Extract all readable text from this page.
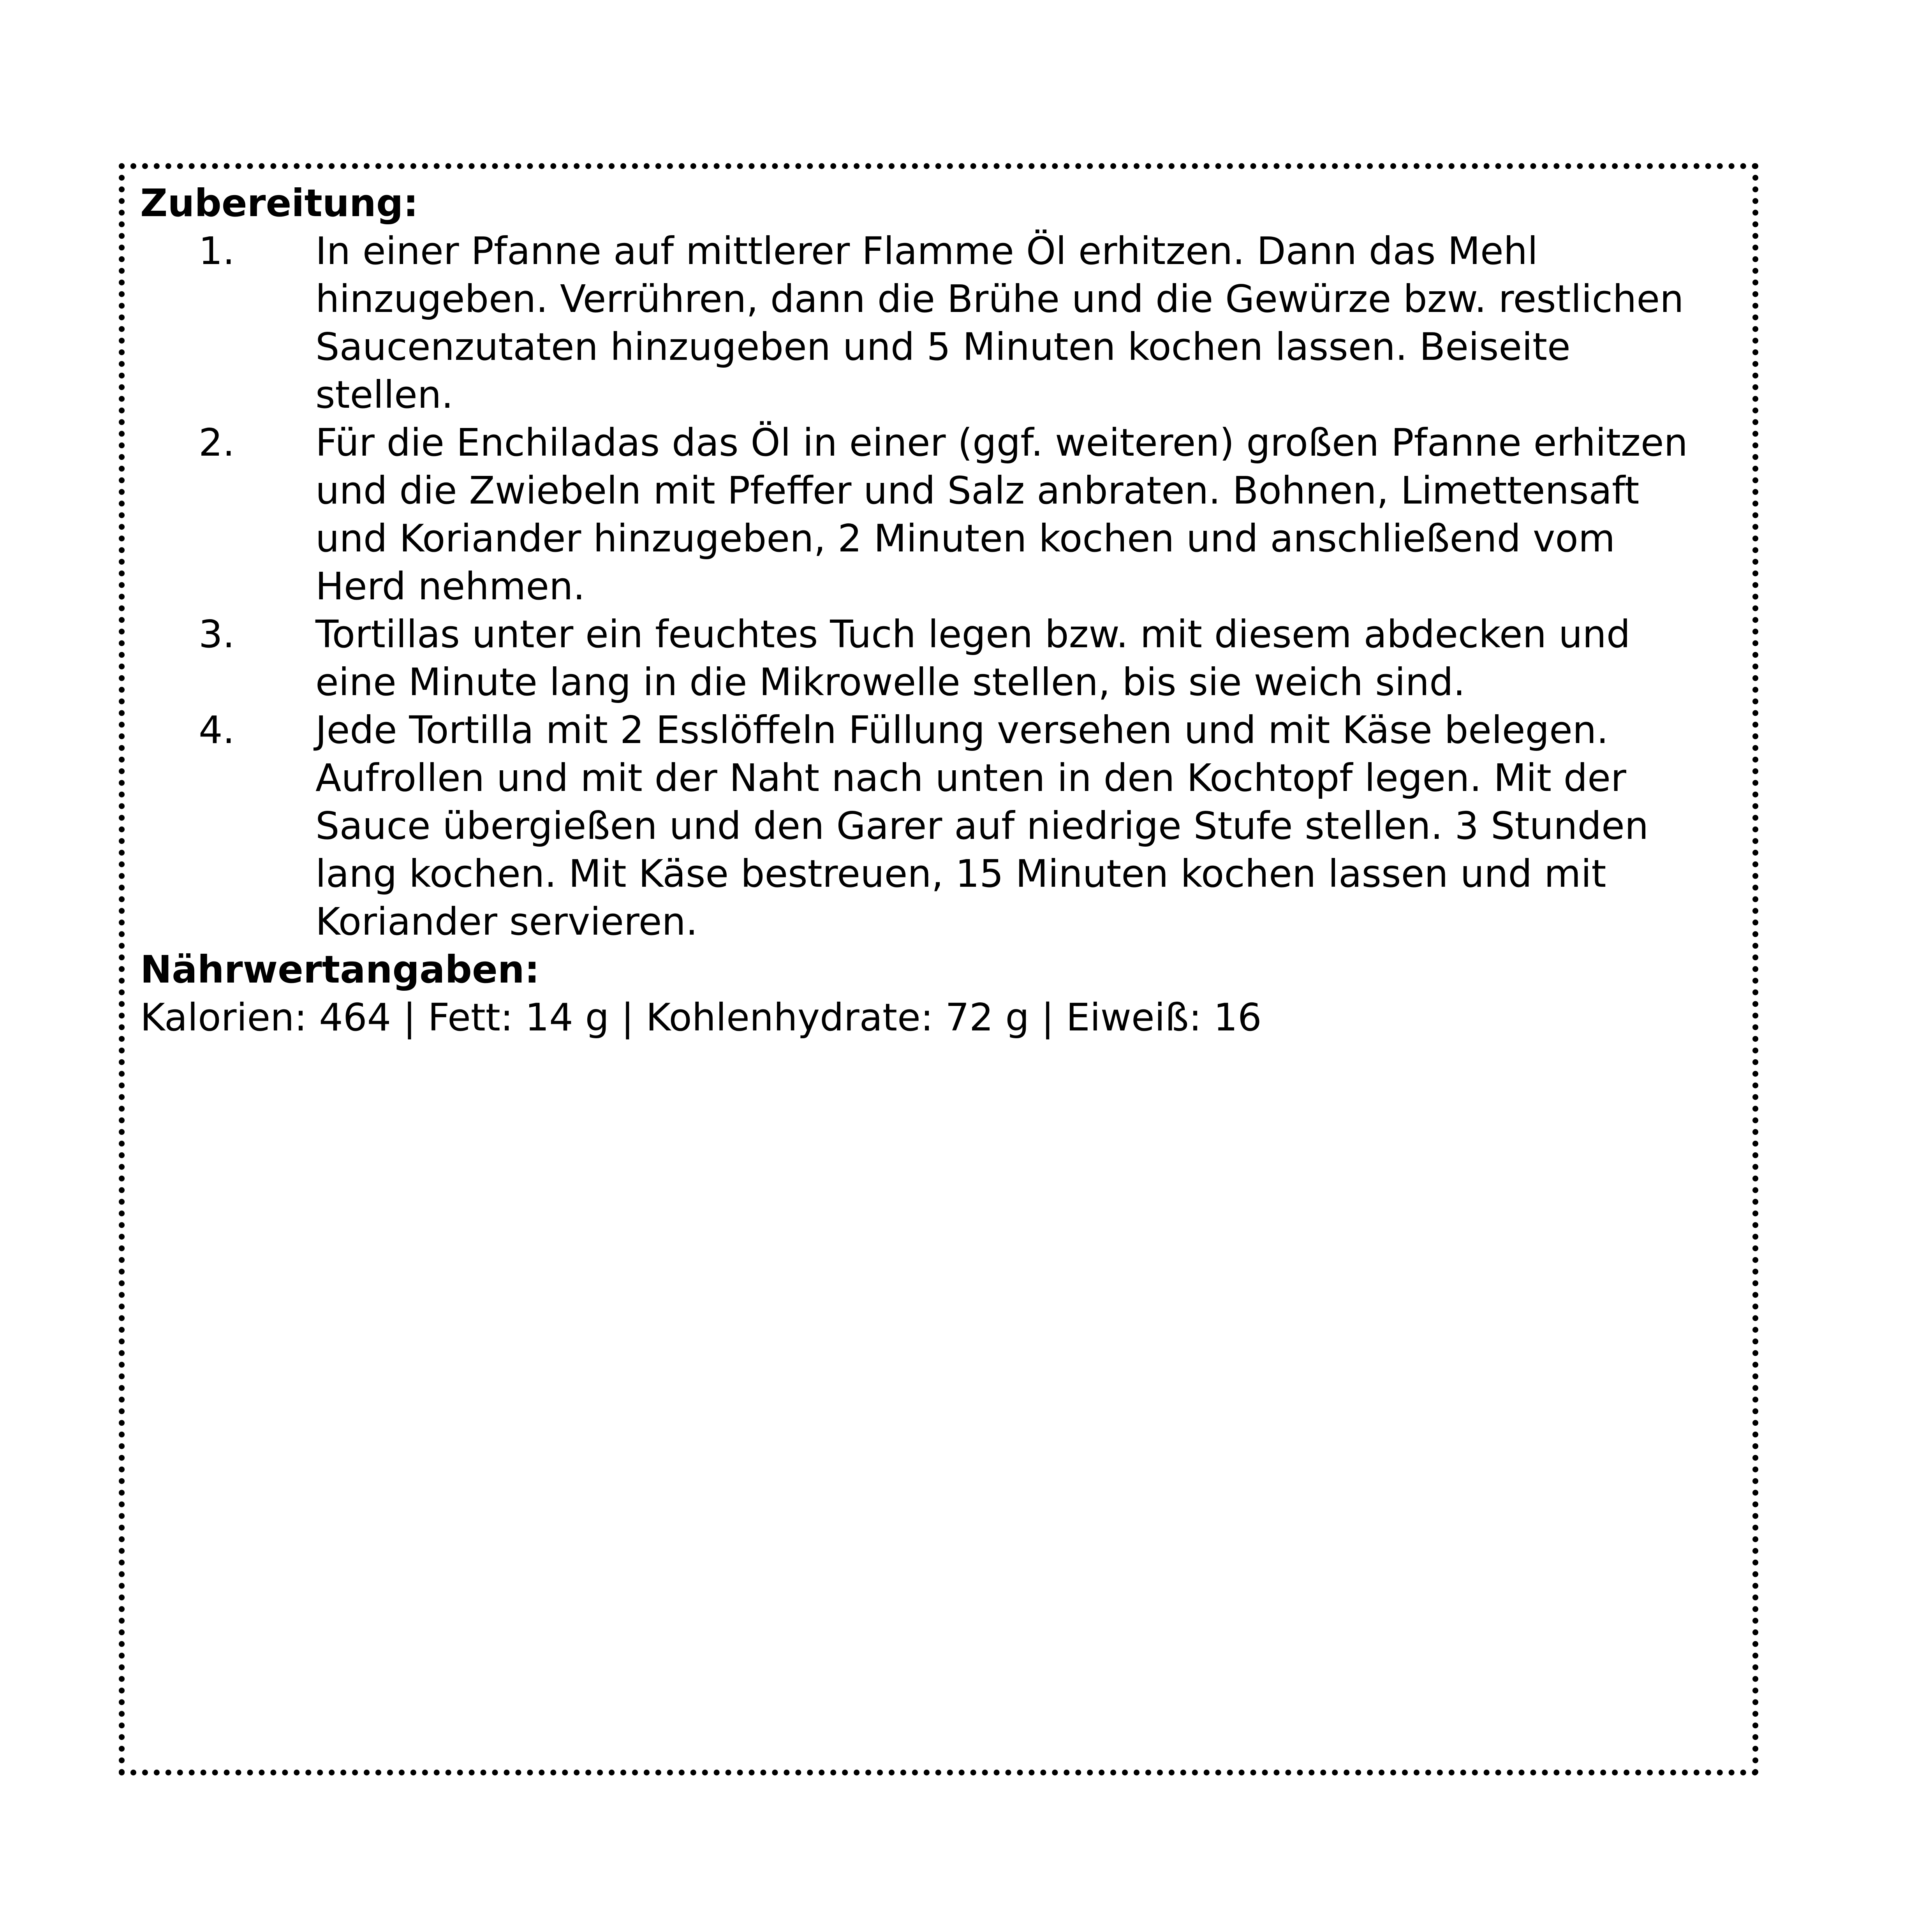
Zubereitung:

1.	In einer Pfanne auf mittlerer Flamme Öl erhitzen. Dann das Mehl hinzugeben. Verrühren, dann die Brühe und die Gewürze bzw. restlichen Saucenzutaten hinzugeben und 5 Minuten kochen lassen. Beiseite stellen.
2.	Für die Enchiladas das Öl in einer (ggf. weiteren) großen Pfanne erhitzen und die Zwiebeln mit Pfeffer und Salz anbraten. Bohnen, Limettensaft und Koriander hinzugeben, 2 Minuten kochen und anschließend vom Herd nehmen.
3.	Tortillas unter ein feuchtes Tuch legen bzw. mit diesem abdecken und eine Minute lang in die Mikrowelle stellen, bis sie weich sind.
4.	Jede Tortilla mit 2 Esslöffeln Füllung versehen und mit Käse belegen. Aufrollen und mit der Naht nach unten in den Kochtopf legen. Mit der Sauce übergießen und den Garer auf niedrige Stufe stellen. 3 Stunden lang kochen. Mit Käse bestreuen, 15 Minuten kochen lassen und mit Koriander servieren.

Nährwertangaben:

Kalorien: 464 | Fett: 14 g | Kohlenhydrate: 72 g | Eiweiß: 16
